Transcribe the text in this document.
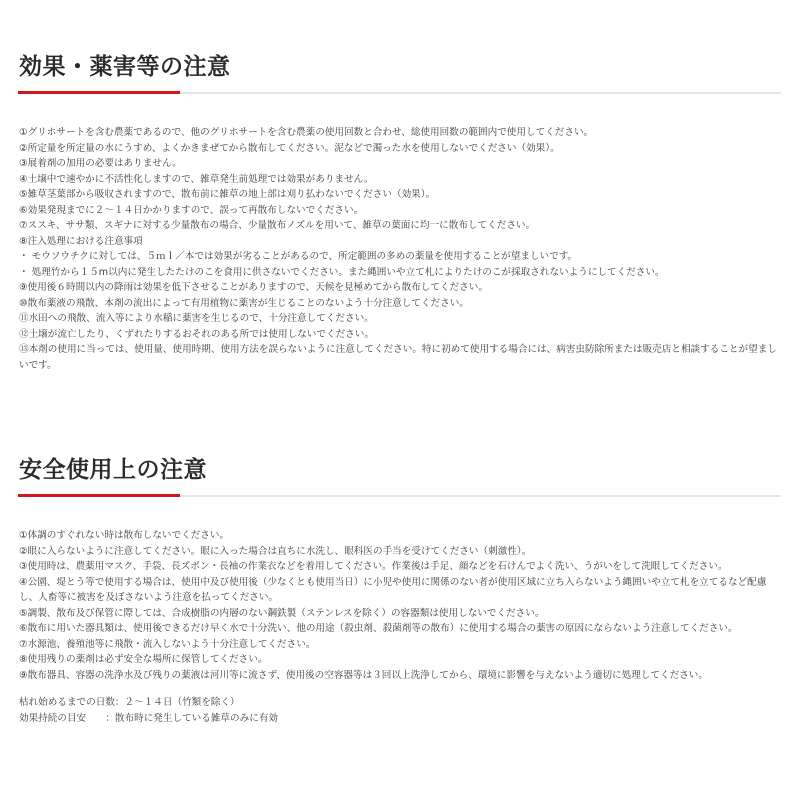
効果・薬害等の注意
①グリホサートを含む農薬であるので、他のグリホサートを含む農薬の使用回数と合わせ、総使用回数の範囲内で使用してください。
②所定量を所定量の水にうすめ、よくかきまぜてから散布してください。泥などで濁った水を使用しないでください（効果）。
③展着剤の加用の必要はありません。
④土壌中で速やかに不活性化しますので、雑草発生前処理では効果がありません。
⑤雑草茎葉部から吸収されますので、散布前に雑草の地上部は刈り払わないでください（効果）。
⑥効果発現までに２～１４日かかりますので、誤って再散布しないでください。
⑦ススキ、ササ類、スギナに対する少量散布の場合、少量散布ノズルを用いて、雑草の葉面に均一に散布してください。
⑧注入処理における注意事項
・ モウソウチクに対しては、５ｍｌ／本では効果が劣ることがあるので、所定範囲の多めの薬量を使用することが望ましいです。
・ 処理竹から１５m以内に発生したたけのこを食用に供さないでください。また縄囲いや立て札によりたけのこが採取されないようにしてください。
⑨使用後６時間以内の降雨は効果を低下させることがありますので、天候を見極めてから散布してください。
⑩散布薬液の飛散、本剤の流出によって有用植物に薬害が生じることのないよう十分注意してください。
⑪水田への飛散、流入等により水稲に薬害を生じるので、十分注意してください。
⑫土壌が流亡したり、くずれたりするおそれのある所では使用しないでください。
⑬本剤の使用に当っては、使用量、使用時期、使用方法を誤らないように注意してください。特に初めて使用する場合には、病害虫防除所または販売店と相談することが望ましいです。
安全使用上の注意
①体調のすぐれない時は散布しないでください。
②眼に入らないように注意してください。眼に入った場合は直ちに水洗し、眼科医の手当を受けてください（刺激性）。
③使用時は、農薬用マスク、手袋、長ズボン・長袖の作業衣などを着用してください。作業後は手足、顔などを石けんでよく洗い、うがいをして洗眼してください。
④公園、堤とう等で使用する場合は、使用中及び使用後（少なくとも使用当日）に小児や使用に関係のない者が使用区域に立ち入らないよう縄囲いや立て札を立てるなど配慮し、人畜等に被害を及ぼさないよう注意を払ってください。
⑤調製、散布及び保管に際しては、合成樹脂の内層のない鋼鉄製（ステンレスを除く）の容器類は使用しないでください。
⑥散布に用いた器具類は、使用後できるだけ早く水で十分洗い、他の用途（殺虫剤、殺菌剤等の散布）に使用する場合の薬害の原因にならないよう注意してください。
⑦水源池、養殖池等に飛散・流入しないよう十分注意してください。
⑧使用残りの薬剤は必ず安全な場所に保管してください。
⑨散布器具、容器の洗浄水及び残りの薬液は河川等に流さず、使用後の空容器等は３回以上洗浄してから、環境に影響を与えないよう適切に処理してください。
枯れ始めるまでの日数：２～１４日（竹類を除く）
効果持続の目安　　：散布時に発生している雑草のみに有効
